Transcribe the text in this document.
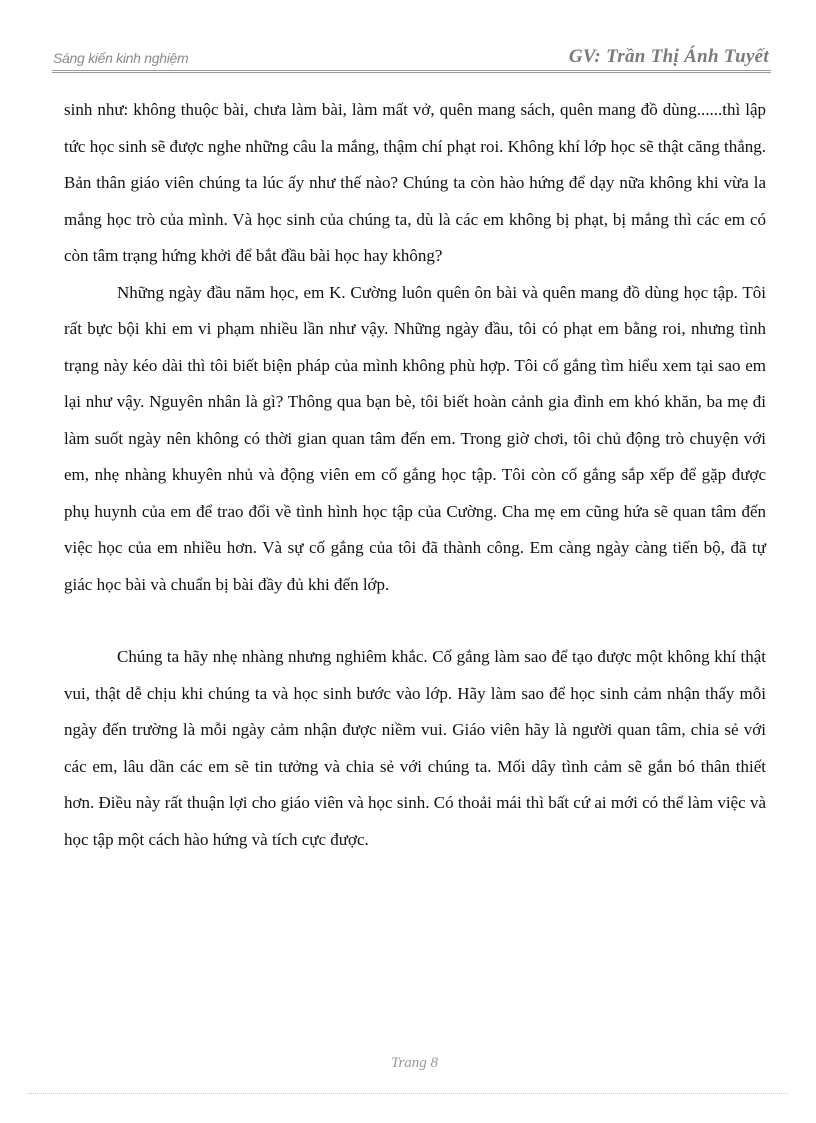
Sáng kiến kinh nghiệm	GV: Trần Thị Ánh Tuyết

sinh như: không thuộc bài, chưa làm bài, làm mất vở, quên mang sách, quên mang đồ dùng......thì lập tức học sinh sẽ được nghe những câu la mắng, thậm chí phạt roi. Không khí lớp học sẽ thật căng thẳng. Bản thân giáo viên chúng ta lúc ấy như thế nào? Chúng ta còn hào hứng để dạy nữa không khi vừa la mắng học trò của mình. Và học sinh của chúng ta, dù là các em không bị phạt, bị mắng thì các em có còn tâm trạng hứng khởi để bắt đầu bài học hay không?

Những ngày đầu năm học, em K. Cường luôn quên ôn bài và quên mang đồ dùng học tập. Tôi rất bực bội khi em vi phạm nhiều lần như vậy. Những ngày đầu, tôi có phạt em bằng roi, nhưng tình trạng này kéo dài thì tôi biết biện pháp của mình không phù hợp. Tôi cố gắng tìm hiểu xem tại sao em lại như vậy. Nguyên nhân là gì? Thông qua bạn bè, tôi biết hoàn cảnh gia đình em khó khăn, ba mẹ đi làm suốt ngày nên không có thời gian quan tâm đến em. Trong giờ chơi, tôi chủ động trò chuyện với em, nhẹ nhàng khuyên nhủ và động viên em cố gắng học tập. Tôi còn cố gắng sắp xếp để gặp được phụ huynh của em để trao đổi về tình hình học tập của Cường. Cha mẹ em cũng hứa sẽ quan tâm đến việc học của em nhiều hơn. Và sự cố gắng của tôi đã thành công. Em càng ngày càng tiến bộ, đã tự giác học bài và chuẩn bị bài đầy đủ khi đến lớp.

Chúng ta hãy nhẹ nhàng nhưng nghiêm khắc. Cố gắng làm sao để tạo được một không khí thật vui, thật dễ chịu khi chúng ta và học sinh bước vào lớp. Hãy làm sao để học sinh cảm nhận thấy mỗi ngày đến trường là mỗi ngày cảm nhận được niềm vui. Giáo viên hãy là người quan tâm, chia sẻ với các em, lâu dần các em sẽ tin tưởng và chia sẻ với chúng ta. Mối dây tình cảm sẽ gắn bó thân thiết hơn. Điều này rất thuận lợi cho giáo viên và học sinh. Có thoải mái thì bất cứ ai mới có thể làm việc và học tập một cách hào hứng và tích cực được.

Trang 8
